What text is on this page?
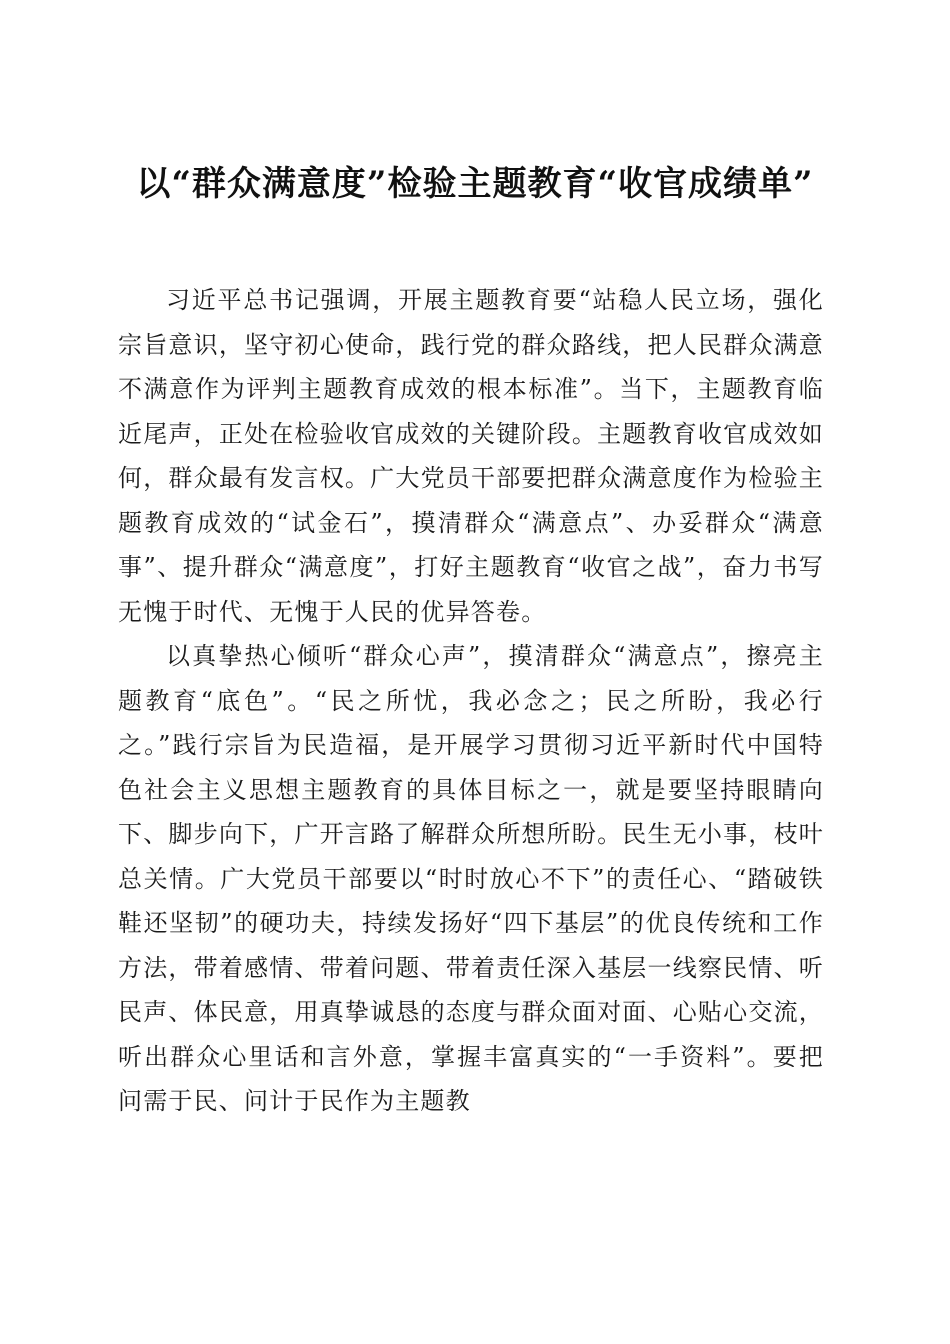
以“群众满意度”检验主题教育“收官成绩单”

习近平总书记强调，开展主题教育要“站稳人民立场，强化宗旨意识，坚守初心使命，践行党的群众路线，把人民群众满意不满意作为评判主题教育成效的根本标准”。当下，主题教育临近尾声，正处在检验收官成效的关键阶段。主题教育收官成效如何，群众最有发言权。广大党员干部要把群众满意度作为检验主题教育成效的“试金石”，摸清群众“满意点”、办妥群众“满意事”、提升群众“满意度”，打好主题教育“收官之战”，奋力书写无愧于时代、无愧于人民的优异答卷。

以真挚热心倾听“群众心声”，摸清群众“满意点”，擦亮主题教育“底色”。“民之所忧，我必念之；民之所盼，我必行之。”践行宗旨为民造福，是开展学习贯彻习近平新时代中国特色社会主义思想主题教育的具体目标之一，就是要坚持眼睛向下、脚步向下，广开言路了解群众所想所盼。民生无小事，枝叶总关情。广大党员干部要以“时时放心不下”的责任心、“踏破铁鞋还坚韧”的硬功夫，持续发扬好“四下基层”的优良传统和工作方法，带着感情、带着问题、带着责任深入基层一线察民情、听民声、体民意，用真挚诚恳的态度与群众面对面、心贴心交流，听出群众心里话和言外意，掌握丰富真实的“一手资料”。要把问需于民、问计于民作为主题教
